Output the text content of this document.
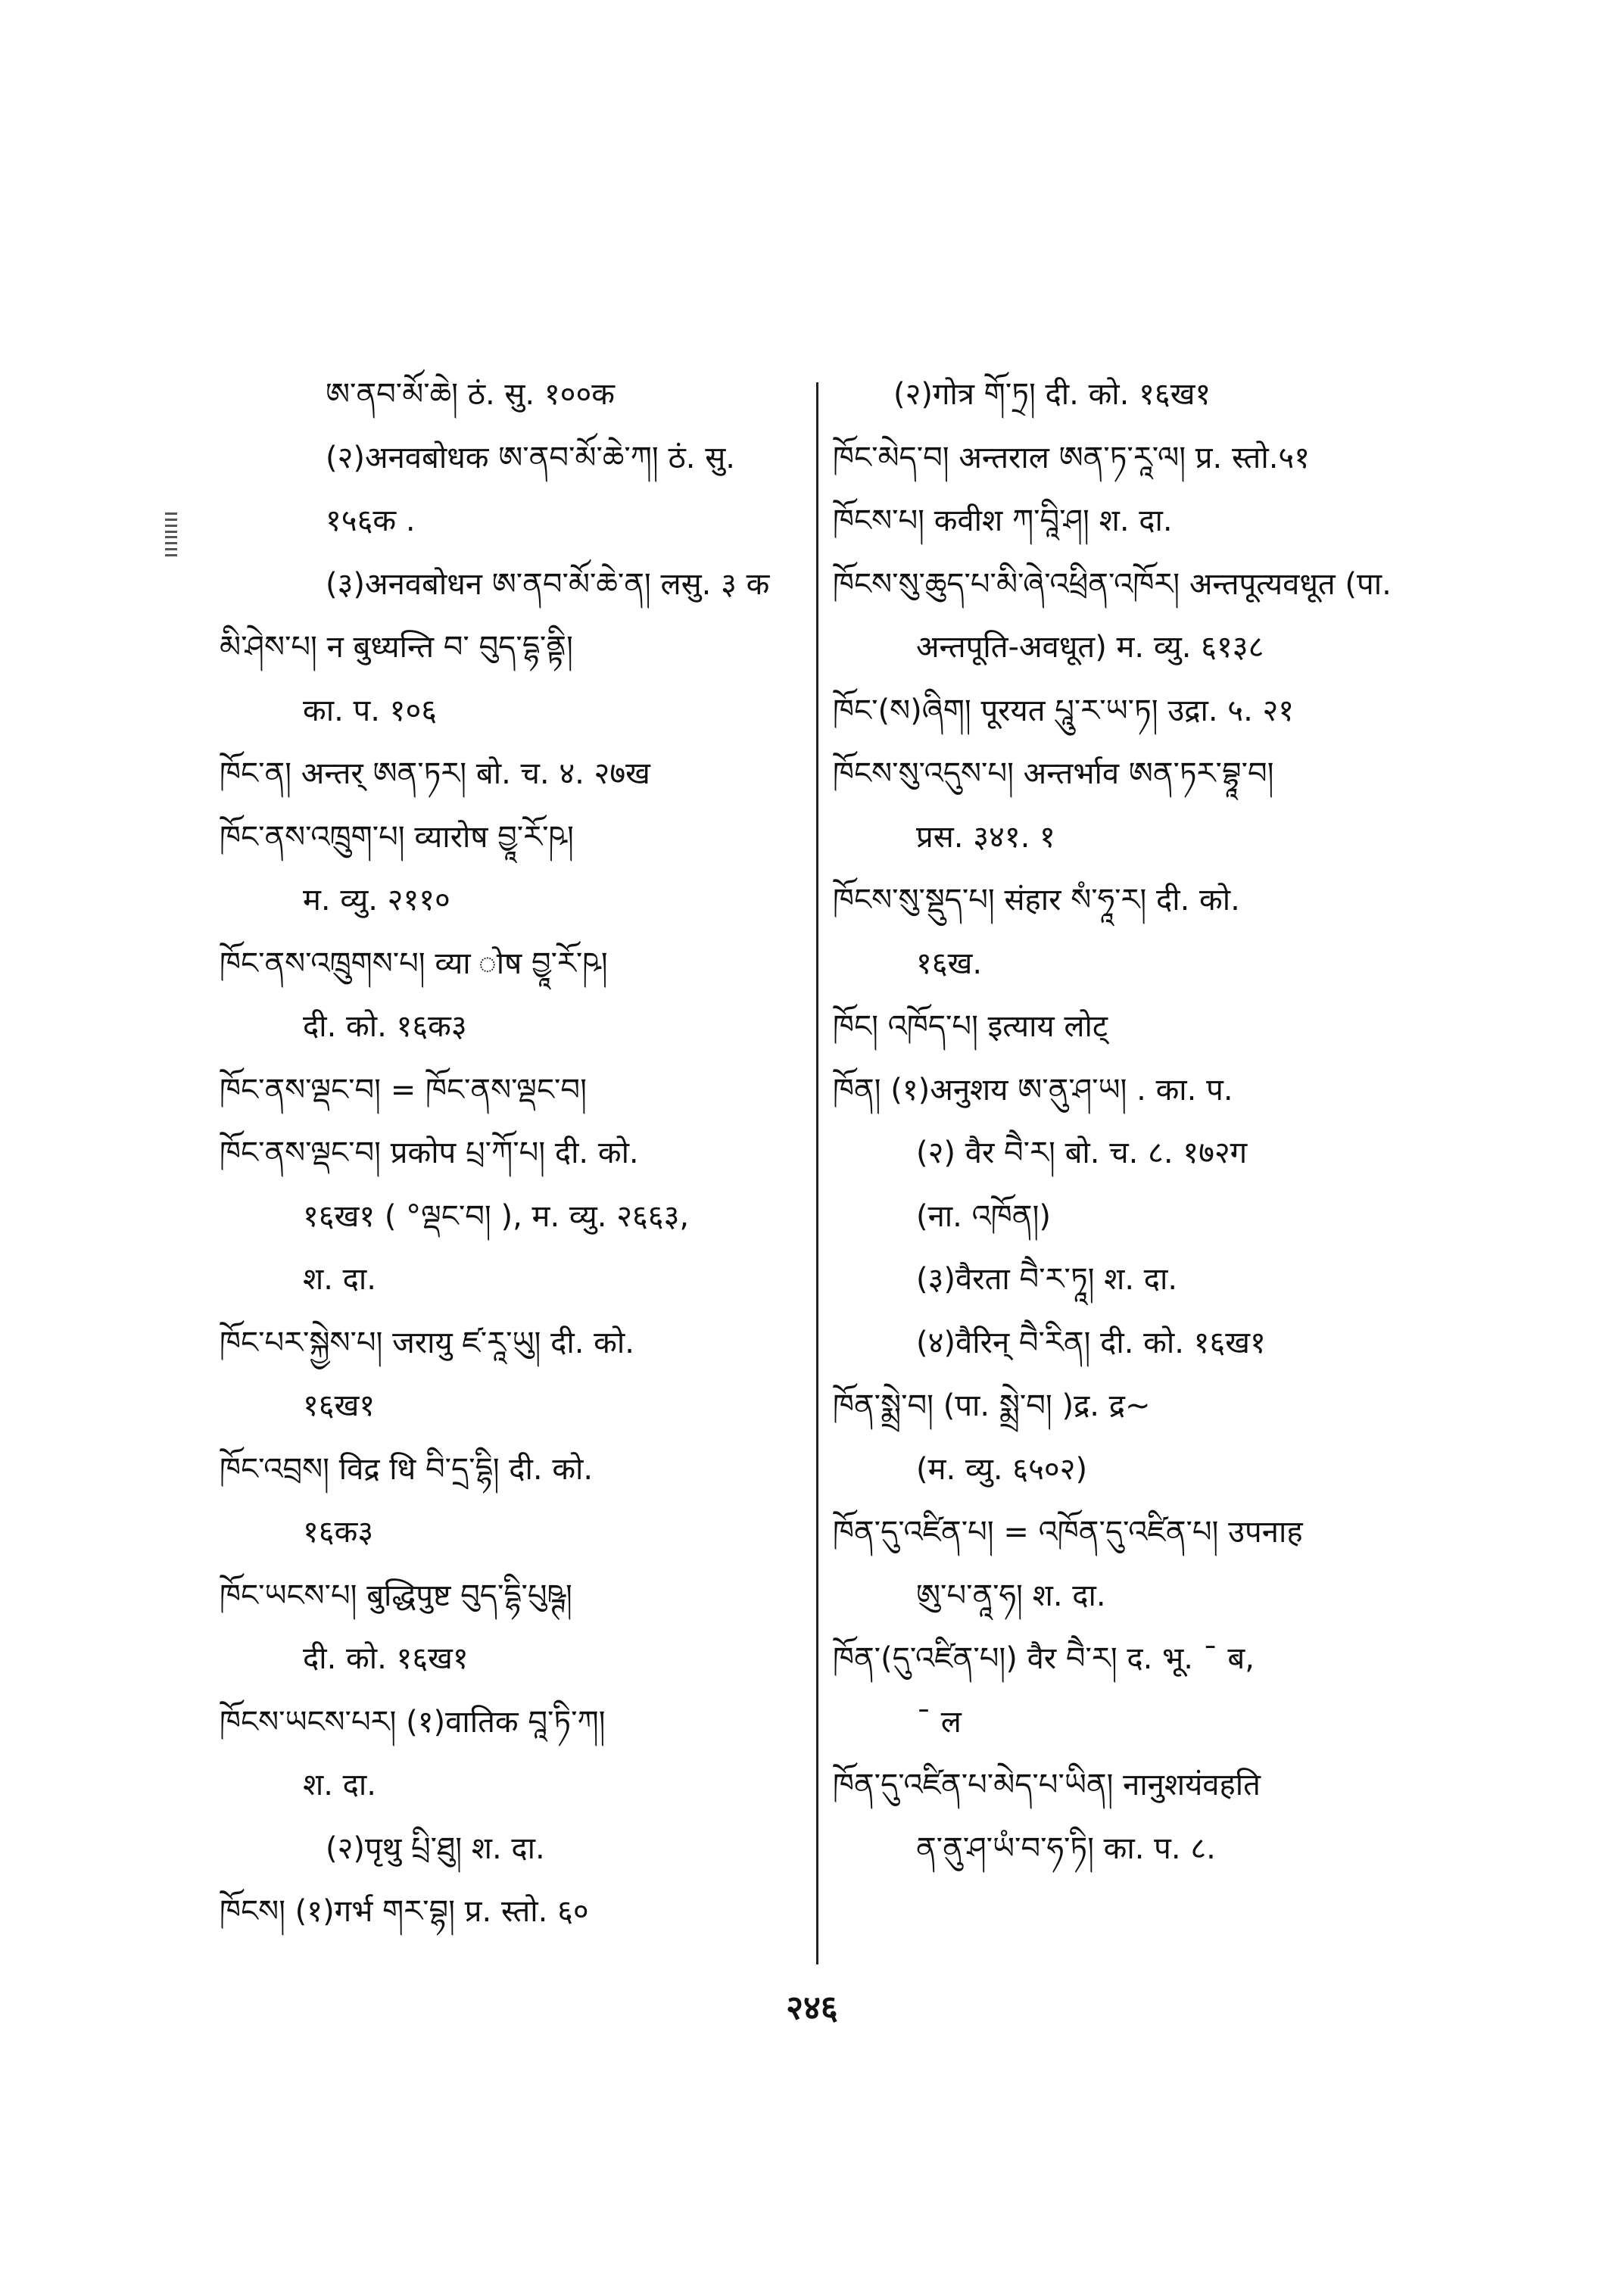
ཨ་ནབ་མོ་ཆེ། ठं. सु. १००क
(२)अनवबोधक ཨ་ནབ་མོ་ཆེ་ཀ། ठं. सु.
१५६क .
(३)अनवबोधन ཨ་ནབ་མོ་ཆེ་ན། लसु. ३ क
མི་ཤེས་པ། न बुध्यन्ति བ་ བུད་དྷ་ནྟི།
का. प. १०६
ཁོང་ན། अन्तर् ཨན་ཏར། बो. च. ४. २७ख
ཁོང་ནས་འཁྲུག་པ། व्यारोष བྱཱ་རོ་ཥ།
म. व्यु. २११०
ཁོང་ནས་འཁྲུགས་པ། व्या ोष བྱཱ་རོ་ཥ།
दी. को. १६क३
ཁོང་ནས་ལྡང་བ། = ཁོང་ནས་ལྡང་བ།
ཁོང་ནས་ལྡང་བ། प्रकोप པྲ་ཀོ་པ། दी. को.
१६ख१ ( °ལྡང་བ། ), म. व्यु. २६६३,
श. दा.
ཁོང་པར་སྐྱེས་པ། जरायु ཛ་རཱ་ཡུ། दी. को.
१६ख१
ཁོང་འབྲས། विद्र धि བི་དྲ་དྷི། दी. को.
१६क३
ཁོང་ཡངས་པ། बुद्धिपुष्ट བུད་དྷི་པུཥྚ།
दी. को. १६ख१
ཁོངས་ཡངས་པར། (१)वातिक བཱ་ཏི་ཀ།
श. दा.
(२)पृथु པྲི་ཐུ། श. दा.
ཁོངས། (१)गर्भ གར་བྷ། प्र. स्तो. ६०
(२)गोत्र གོ་ཏྲ། दी. को. १६ख१
ཁོང་མེད་བ། अन्तराल ཨན་ཏ་རཱ་ལ། प्र. स्तो.५१
ཁོངས་པ། कवीश ཀ་བཱི་ཤ། श. दा.
ཁོངས་སུ་ཆུད་པ་མི་ཞེ་འཕྲིན་འཁོར། अन्तपूत्यवधूत (पा.
अन्तपूति-अवधूत) म. व्यु. ६१३८
ཁོང་(ས)ཞིག། पूरयत པཱུ་ར་ཡ་ཏ། उद्रा. ५. २१
ཁོངས་སུ་འདུས་པ། अन्तर्भाव ཨན་ཏར་བྷཱ་བ།
प्रस. ३४१. १
ཁོངས་སུ་སྡུད་པ། संहार སཾ་ཧཱ་ར། दी. को.
१६ख.
ཁོང། འཁོད་པ། इत्याय लोट्
ཁོན། (१)अनुशय ཨ་ནུ་ཤ་ཡ། . का. प.
(२) वैर བཻ་ར། बो. च. ८. १७२ग
(ना. འཁོན།)
(३)वैरता བཻ་ར་ཏཱ། श. दा.
(४)वैरिन् བཻ་རིན། दी. को. १६ख१
ཁོན་སྨྲེ་བ། (पा. སྨྲེ་བ། )द्र. द्र~
(म. व्यु. ६५०२)
ཁོན་དུ་འཛིན་པ། = འཁོན་དུ་འཛིན་པ། उपनाह
ཨུ་པ་ནཱ་ཧ། श. दा.
ཁོན་(དུ་འཛིན་པ།) वैर བཻ་ར། द. भू. ¯ ब,
¯ ल
ཁོན་དུ་འཛིན་པ་མེད་པ་ཡིན། नानुशयंवहति
ན་ནུ་ཤ་ཡཾ་བ་ཧ་ཏི། का. प. ८.
२४६
